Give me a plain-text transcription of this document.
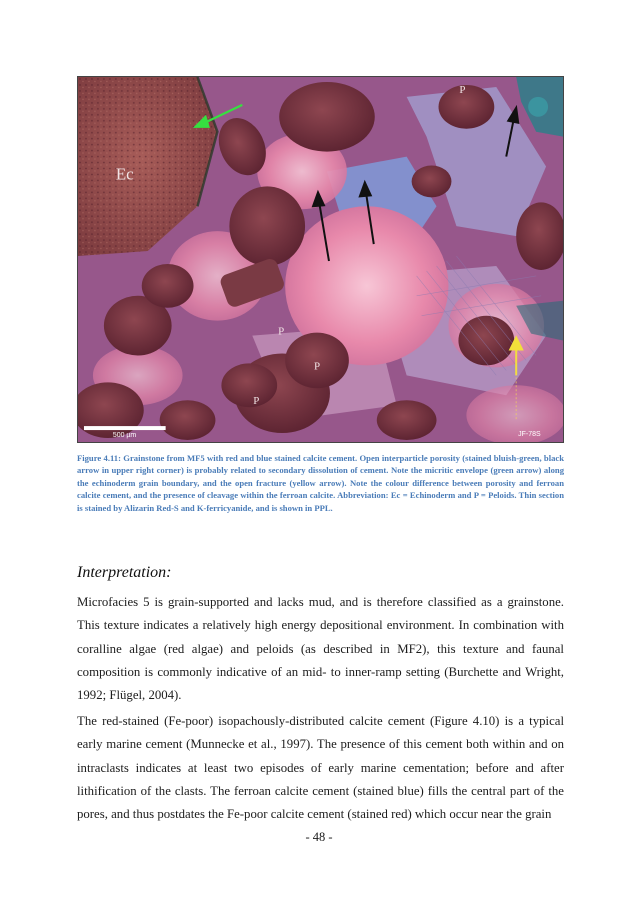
Ec
P
P
P
P
500 µm	JF-78S

Figure 4.11: Grainstone from MF5 with red and blue stained calcite cement. Open interparticle porosity (stained bluish-green, black arrow in upper right corner) is probably related to secondary dissolution of cement. Note the micritic envelope (green arrow) along the echinoderm grain boundary, and the open fracture (yellow arrow). Note the colour difference between porosity and ferroan calcite cement, and the presence of cleavage within the ferroan calcite. Abbreviation: Ec = Echinoderm and P = Peloids. Thin section is stained by Alizarin Red-S and K-ferricyanide, and is shown in PPL.

Interpretation:

Microfacies 5 is grain-supported and lacks mud, and is therefore classified as a grainstone. This texture indicates a relatively high energy depositional environment. In combination with coralline algae (red algae) and peloids (as described in MF2), this texture and faunal composition is commonly indicative of an mid- to inner-ramp setting (Burchette and Wright, 1992; Flügel, 2004).

The red-stained (Fe-poor) isopachously-distributed calcite cement (Figure 4.10) is a typical early marine cement (Munnecke et al., 1997). The presence of this cement both within and on intraclasts indicates at least two episodes of early marine cementation; before and after lithification of the clasts. The ferroan calcite cement (stained blue) fills the central part of the pores, and thus postdates the Fe-poor calcite cement (stained red) which occur near the grain

- 48 -
